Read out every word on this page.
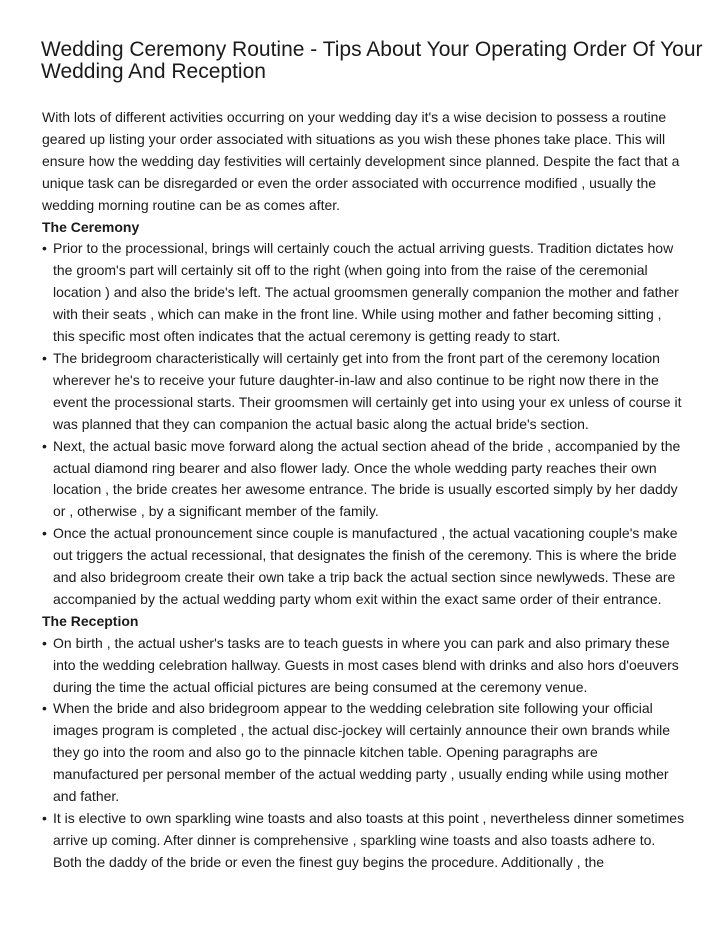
Wedding Ceremony Routine - Tips About Your Operating Order Of Your Wedding And Reception

With lots of different activities occurring on your wedding day it's a wise decision to possess a routine geared up listing your order associated with situations as you wish these phones take place. This will ensure how the wedding day festivities will certainly development since planned. Despite the fact that a unique task can be disregarded or even the order associated with occurrence modified , usually the wedding morning routine can be as comes after.

The Ceremony

• Prior to the processional, brings will certainly couch the actual arriving guests. Tradition dictates how the groom's part will certainly sit off to the right (when going into from the raise of the ceremonial location ) and also the bride's left. The actual groomsmen generally companion the mother and father with their seats , which can make in the front line. While using mother and father becoming sitting , this specific most often indicates that the actual ceremony is getting ready to start.

• The bridegroom characteristically will certainly get into from the front part of the ceremony location wherever he's to receive your future daughter-in-law and also continue to be right now there in the event the processional starts. Their groomsmen will certainly get into using your ex unless of course it was planned that they can companion the actual basic along the actual bride's section.

• Next, the actual basic move forward along the actual section ahead of the bride , accompanied by the actual diamond ring bearer and also flower lady. Once the whole wedding party reaches their own location , the bride creates her awesome entrance. The bride is usually escorted simply by her daddy or , otherwise , by a significant member of the family.

• Once the actual pronouncement since couple is manufactured , the actual vacationing couple's make out triggers the actual recessional, that designates the finish of the ceremony. This is where the bride and also bridegroom create their own take a trip back the actual section since newlyweds. These are accompanied by the actual wedding party whom exit within the exact same order of their entrance.

The Reception

• On birth , the actual usher's tasks are to teach guests in where you can park and also primary these into the wedding celebration hallway. Guests in most cases blend with drinks and also hors d'oeuvers during the time the actual official pictures are being consumed at the ceremony venue.

• When the bride and also bridegroom appear to the wedding celebration site following your official images program is completed , the actual disc-jockey will certainly announce their own brands while they go into the room and also go to the pinnacle kitchen table. Opening paragraphs are manufactured per personal member of the actual wedding party , usually ending while using mother and father.

• It is elective to own sparkling wine toasts and also toasts at this point , nevertheless dinner sometimes arrive up coming. After dinner is comprehensive , sparkling wine toasts and also toasts adhere to. Both the daddy of the bride or even the finest guy begins the procedure. Additionally , the
